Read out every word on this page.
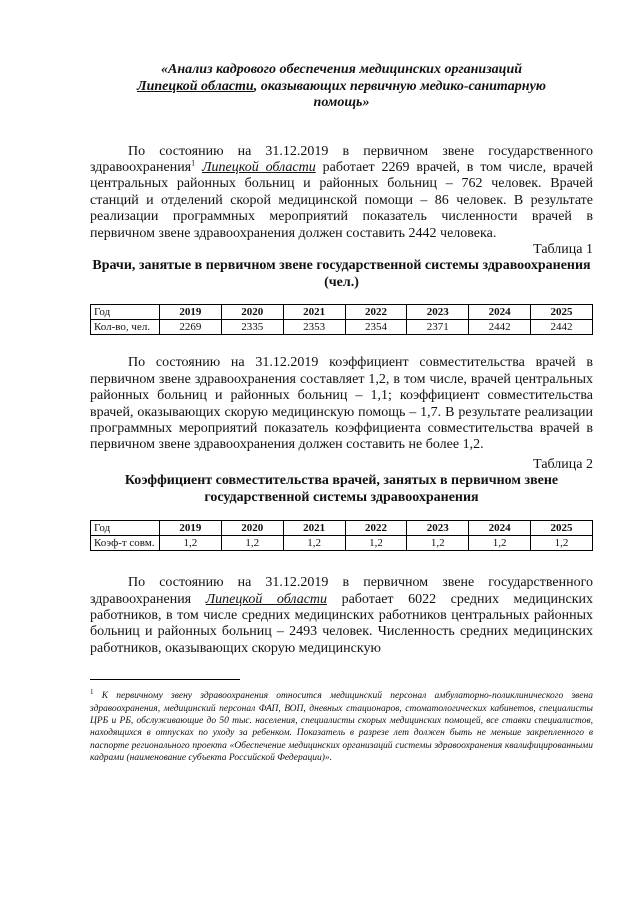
«Анализ кадрового обеспечения медицинских организаций
Липецкой области, оказывающих первичную медико-санитарную
помощь»

По состоянию на 31.12.2019 в первичном звене государственного здравоохранения$^1$ Липецкой области работает 2269 врачей, в том числе, врачей центральных районных больниц и районных больниц – 762 человек. Врачей станций и отделений скорой медицинской помощи – 86 человек. В результате реализации программных мероприятий показатель численности врачей в первичном звене здравоохранения должен составить 2442 человека.

Таблица 1

Врачи, занятые в первичном звене государственной системы здравоохранения (чел.)

Год	2019	2020	2021	2022	2023	2024	2025
Кол-во, чел.	2269	2335	2353	2354	2371	2442	2442

По состоянию на 31.12.2019 коэффициент совместительства врачей в первичном звене здравоохранения составляет 1,2, в том числе, врачей центральных районных больниц и районных больниц – 1,1; коэффициент совместительства врачей, оказывающих скорую медицинскую помощь – 1,7. В результате реализации программных мероприятий показатель коэффициента совместительства врачей в первичном звене здравоохранения должен составить не более 1,2.

Таблица 2

Коэффициент совместительства врачей, занятых в первичном звене государственной системы здравоохранения

Год	2019	2020	2021	2022	2023	2024	2025
Коэф-т совм.	1,2	1,2	1,2	1,2	1,2	1,2	1,2

По состоянию на 31.12.2019 в первичном звене государственного здравоохранения Липецкой области работает 6022 средних медицинских работников, в том числе средних медицинских работников центральных районных больниц и районных больниц – 2493 человек. Численность средних медицинских работников, оказывающих скорую медицинскую

$^1$ К первичному звену здравоохранения относится медицинский персонал амбулаторно-поликлинического звена здравоохранения, медицинский персонал ФАП, ВОП, дневных стационаров, стоматологических кабинетов, специалисты ЦРБ и РБ, обслуживающие до 50 тыс. населения, специалисты скорых медицинских помощей, все ставки специалистов, находящихся в отпусках по уходу за ребенком. Показатель в разрезе лет должен быть не меньше закрепленного в паспорте регионального проекта «Обеспечение медицинских организаций системы здравоохранения квалифицированными кадрами (наименование субъекта Российской Федерации)».
